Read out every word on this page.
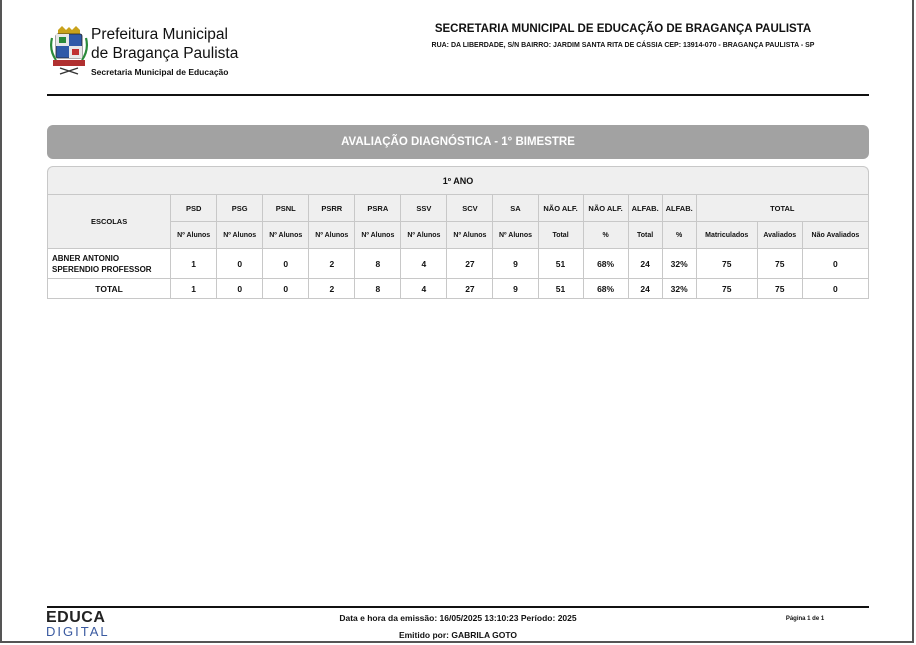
Prefeitura Municipal
de Bragança Paulista
Secretaria Municipal de Educação
SECRETARIA MUNICIPAL DE EDUCAÇÃO DE BRAGANÇA PAULISTA
RUA: DA LIBERDADE, S/N BAIRRO: JARDIM SANTA RITA DE CÁSSIA CEP: 13914-070 - BRAGANÇA PAULISTA - SP
AVALIAÇÃO DIAGNÓSTICA - 1° BIMESTRE
1º ANO
ESCOLAS	PSD	PSG	PSNL	PSRR	PSRA	SSV	SCV	SA	NÃO ALF.	NÃO ALF.	ALFAB.	ALFAB.	TOTAL		
	Nº Alunos	Nº Alunos	Nº Alunos	Nº Alunos	Nº Alunos	Nº Alunos	Nº Alunos	Nº Alunos	Total	%	Total	%	Matriculados	Avaliados	Não Avaliados

ABNER ANTONIO
SPERENDIO PROFESSOR	1	0	0	2	8	4	27	9	51	68%	24	32%	75	75	0
TOTAL	1	0	0	2	8	4	27	9	51	68%	24	32%	75	75	0
EDUCA
DIGITAL
Data e hora da emissão: 16/05/2025 13:10:23 Período: 2025
Emitido por: GABRILA GOTO
Página 1 de 1
